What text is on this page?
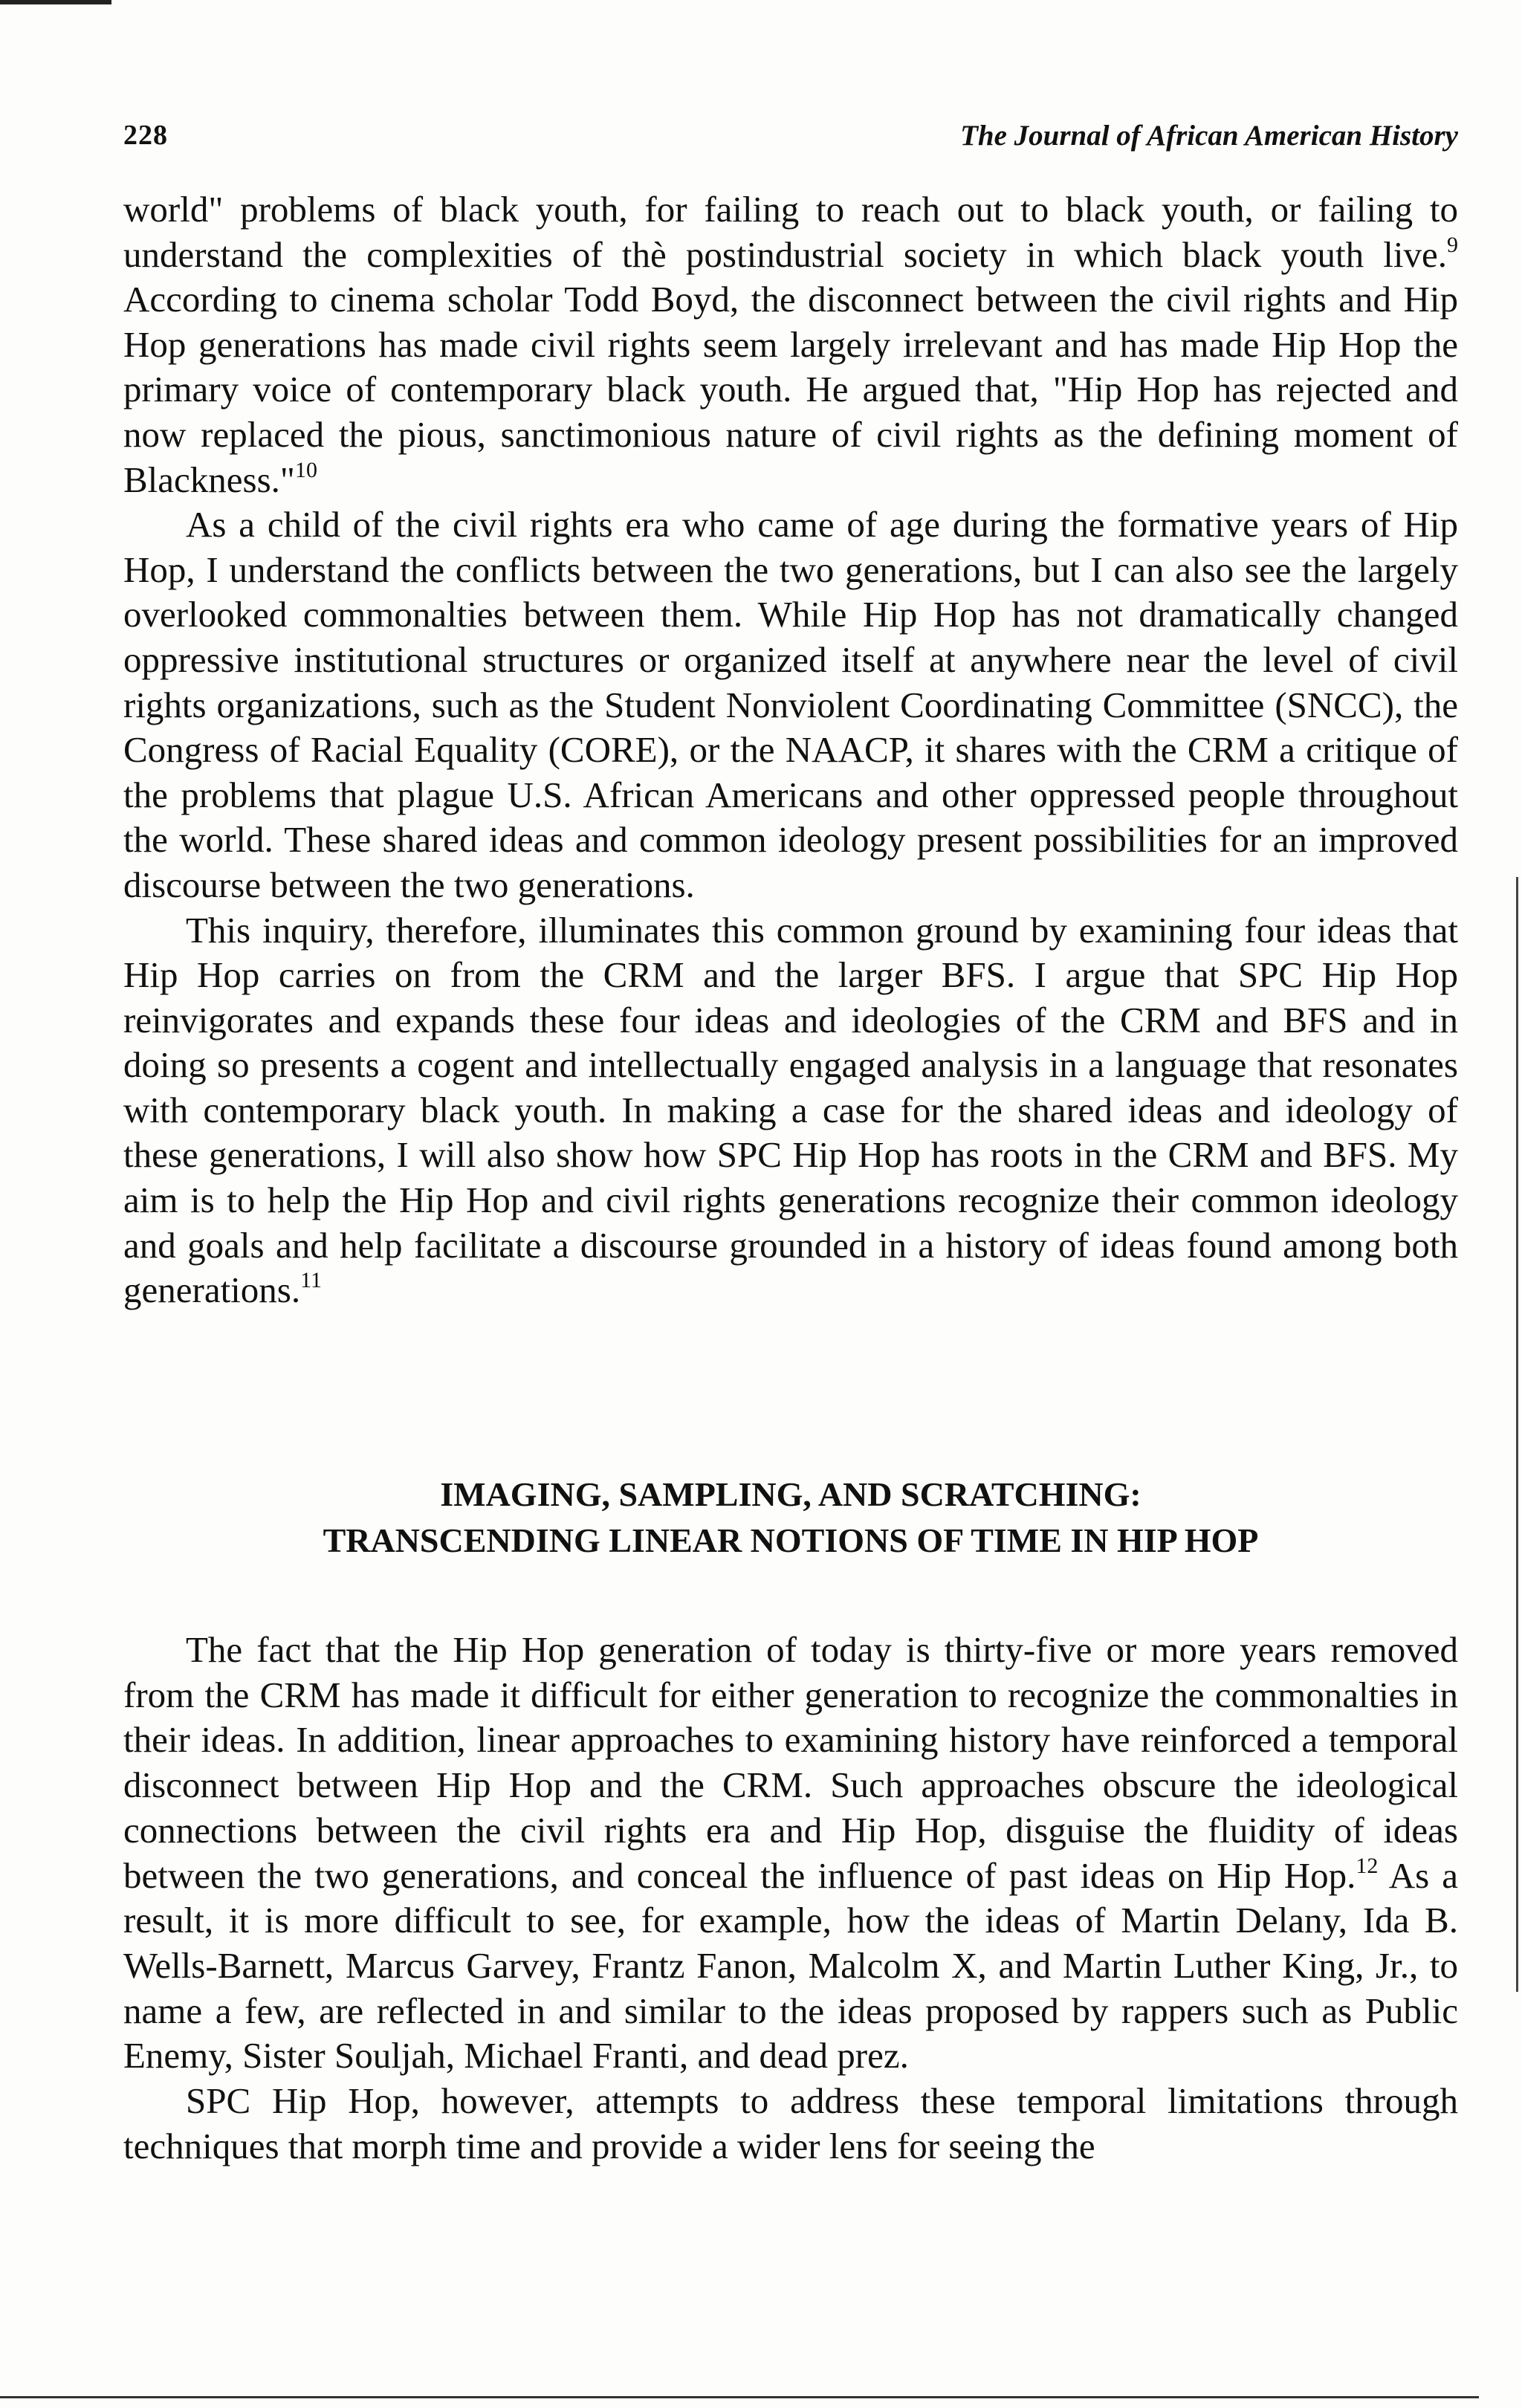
228	The Journal of African American History

world" problems of black youth, for failing to reach out to black youth, or failing to understand the complexities of thè postindustrial society in which black youth live.$^9$ According to cinema scholar Todd Boyd, the disconnect between the civil rights and Hip Hop generations has made civil rights seem largely irrelevant and has made Hip Hop the primary voice of contemporary black youth. He argued that, "Hip Hop has rejected and now replaced the pious, sanctimonious nature of civil rights as the defining moment of Blackness."$^{10}$

As a child of the civil rights era who came of age during the formative years of Hip Hop, I understand the conflicts between the two generations, but I can also see the largely overlooked commonalties between them. While Hip Hop has not dramatically changed oppressive institutional structures or organized itself at anywhere near the level of civil rights organizations, such as the Student Nonviolent Coordinating Committee (SNCC), the Congress of Racial Equality (CORE), or the NAACP, it shares with the CRM a critique of the problems that plague U.S. African Americans and other oppressed people throughout the world. These shared ideas and common ideology present possibilities for an improved discourse between the two generations.

This inquiry, therefore, illuminates this common ground by examining four ideas that Hip Hop carries on from the CRM and the larger BFS. I argue that SPC Hip Hop reinvigorates and expands these four ideas and ideologies of the CRM and BFS and in doing so presents a cogent and intellectually engaged analysis in a language that resonates with contemporary black youth. In making a case for the shared ideas and ideology of these generations, I will also show how SPC Hip Hop has roots in the CRM and BFS. My aim is to help the Hip Hop and civil rights generations recognize their common ideology and goals and help facilitate a discourse grounded in a history of ideas found among both generations.$^{11}$

IMAGING, SAMPLING, AND SCRATCHING:
TRANSCENDING LINEAR NOTIONS OF TIME IN HIP HOP

The fact that the Hip Hop generation of today is thirty-five or more years removed from the CRM has made it difficult for either generation to recognize the commonalties in their ideas. In addition, linear approaches to examining history have reinforced a temporal disconnect between Hip Hop and the CRM. Such approaches obscure the ideological connections between the civil rights era and Hip Hop, disguise the fluidity of ideas between the two generations, and conceal the influence of past ideas on Hip Hop.$^{12}$ As a result, it is more difficult to see, for example, how the ideas of Martin Delany, Ida B. Wells-Barnett, Marcus Garvey, Frantz Fanon, Malcolm X, and Martin Luther King, Jr., to name a few, are reflected in and similar to the ideas proposed by rappers such as Public Enemy, Sister Souljah, Michael Franti, and dead prez.

SPC Hip Hop, however, attempts to address these temporal limitations through techniques that morph time and provide a wider lens for seeing the
